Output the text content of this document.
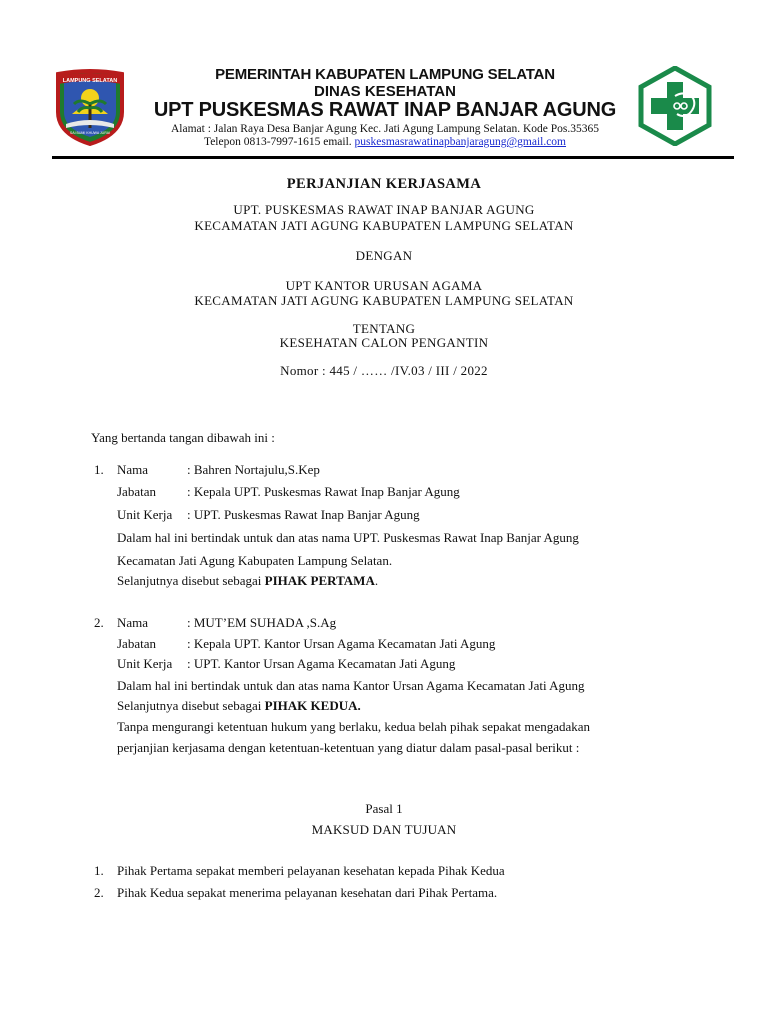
LAMPUNG SELATAN
SAI BUMI KHUWA JURAI
PEMERINTAH KABUPATEN LAMPUNG SELATAN
DINAS KESEHATAN
UPT PUSKESMAS RAWAT INAP BANJAR AGUNG
Alamat : Jalan Raya Desa Banjar Agung Kec. Jati Agung Lampung Selatan. Kode Pos.35365
Telepon 0813-7997-1615 email. puskesmasrawatinapbanjaragung@gmail.com
PERJANJIAN KERJASAMA
UPT. PUSKESMAS RAWAT INAP BANJAR AGUNG
KECAMATAN JATI AGUNG KABUPATEN LAMPUNG SELATAN
DENGAN
UPT KANTOR URUSAN AGAMA
KECAMATAN JATI AGUNG KABUPATEN LAMPUNG SELATAN
TENTANG
KESEHATAN CALON PENGANTIN
Nomor : 445 / …… /IV.03 / III / 2022
Yang bertanda tangan dibawah ini :
1. Nama	: Bahren Nortajulu,S.Kep
Jabatan : Kepala UPT. Puskesmas Rawat Inap Banjar Agung
Unit Kerja : UPT. Puskesmas Rawat Inap Banjar Agung
Dalam hal ini bertindak untuk dan atas nama UPT. Puskesmas Rawat Inap Banjar Agung
Kecamatan Jati Agung Kabupaten Lampung Selatan.
Selanjutnya disebut sebagai PIHAK PERTAMA.
2. Nama	: MUT’EM SUHADA ,S.Ag
Jabatan : Kepala UPT. Kantor Ursan Agama Kecamatan Jati Agung
Unit Kerja : UPT. Kantor Ursan Agama Kecamatan Jati Agung
Dalam hal ini bertindak untuk dan atas nama Kantor Ursan Agama Kecamatan Jati Agung
Selanjutnya disebut sebagai PIHAK KEDUA.
Tanpa mengurangi ketentuan hukum yang berlaku, kedua belah pihak sepakat mengadakan
perjanjian kerjasama dengan ketentuan-ketentuan yang diatur dalam pasal-pasal berikut :
Pasal 1
MAKSUD DAN TUJUAN
1. Pihak Pertama sepakat memberi pelayanan kesehatan kepada Pihak Kedua
2. Pihak Kedua sepakat menerima pelayanan kesehatan dari Pihak Pertama.
